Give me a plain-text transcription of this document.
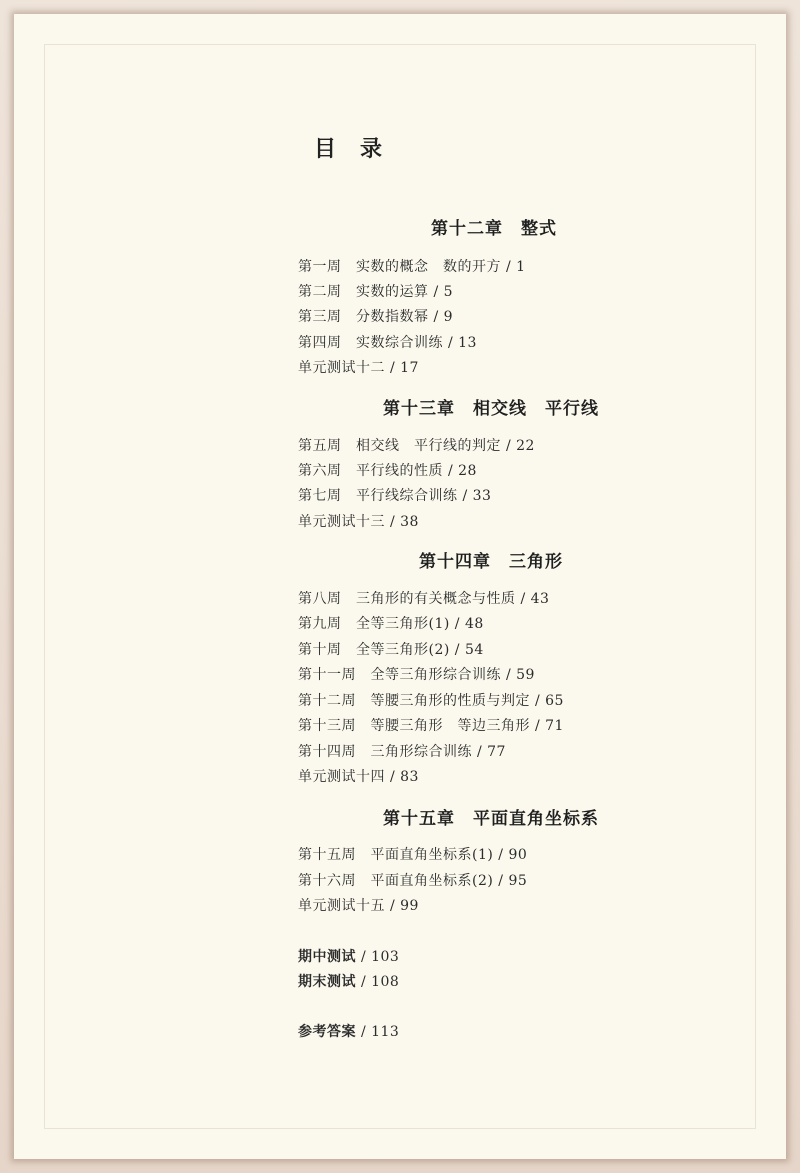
目录
第十二章　整式
第一周　实数的概念　数的开方 / 1
第二周　实数的运算 / 5
第三周　分数指数幂 / 9
第四周　实数综合训练 / 13
单元测试十二 / 17
第十三章　相交线　平行线
第五周　相交线　平行线的判定 / 22
第六周　平行线的性质 / 28
第七周　平行线综合训练 / 33
单元测试十三 / 38
第十四章　三角形
第八周　三角形的有关概念与性质 / 43
第九周　全等三角形(1) / 48
第十周　全等三角形(2) / 54
第十一周　全等三角形综合训练 / 59
第十二周　等腰三角形的性质与判定 / 65
第十三周　等腰三角形　等边三角形 / 71
第十四周　三角形综合训练 / 77
单元测试十四 / 83
第十五章　平面直角坐标系
第十五周　平面直角坐标系(1) / 90
第十六周　平面直角坐标系(2) / 95
单元测试十五 / 99
期中测试 / 103
期末测试 / 108
参考答案 / 113
